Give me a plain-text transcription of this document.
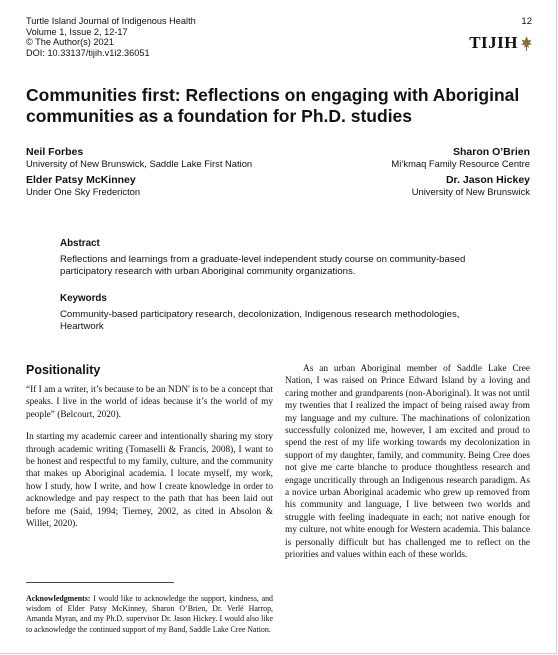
Turtle Island Journal of Indigenous Health
Volume 1, Issue 2, 12-17
© The Author(s) 2021
DOI: 10.33137/tijih.v1i2.36051
12
TIJIH
Communities first: Reflections on engaging with Aboriginal communities as a foundation for Ph.D. studies
Neil Forbes
University of New Brunswick, Saddle Lake First Nation
Sharon O’Brien
Mi’kmaq Family Resource Centre
Elder Patsy McKinney
Under One Sky Fredericton
Dr. Jason Hickey
University of New Brunswick
Abstract
Reflections and learnings from a graduate-level independent study course on community-based participatory research with urban Aboriginal community organizations.
Keywords
Community-based participatory research, decolonization, Indigenous research methodologies, Heartwork
Positionality

“If I am a writer, it’s because to be an NDN' is to be a concept that speaks. I live in the world of ideas because it’s the world of my people” (Belcourt, 2020).

In starting my academic career and intentionally sharing my story through academic writing (Tomaselli & Francis, 2008), I want to be honest and respectful to my family, culture, and the community that makes up Aboriginal academia. I locate myself, my work, how I study, how I write, and how I create knowledge in order to acknowledge and pay respect to the path that has been laid out before me (Said, 1994; Tierney, 2002, as cited in Absolon & Willet, 2020).

As an urban Aboriginal member of Saddle Lake Cree Nation, I was raised on Prince Edward Island by a loving and caring mother and grandparents (non-Aboriginal). It was not until my twenties that I realized the impact of being raised away from my language and my culture. The machinations of colonization successfully colonized me, however, I am excited and proud to spend the rest of my life working towards my decolonization in support of my daughter, family, and community. Being Cree does not give me carte blanche to produce thoughtless research and engage uncritically through an Indigenous research paradigm. As a novice urban Aboriginal academic who grew up removed from his community and language, I live between two worlds and struggle with feeling inadequate in each; not native enough for my culture, not white enough for Western academia. This balance is personally difficult but has challenged me to reflect on the priorities and values within each of these worlds.

Acknowledgments: I would like to acknowledge the support, kindness, and wisdom of Elder Patsy McKinney, Sharon O’Brien, Dr. Verlé Harrop, Amanda Myran, and my Ph.D. supervisor Dr. Jason Hickey. I would also like to acknowledge the continued support of my Band, Saddle Lake Cree Nation.
